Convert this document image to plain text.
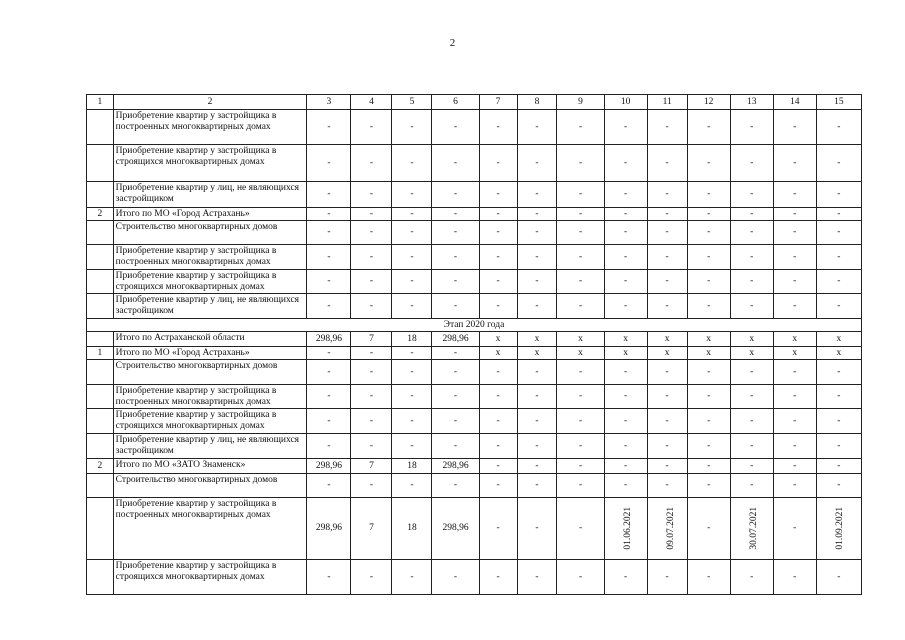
2
1	2	3	4	5	6	7	8	9	10	11	12	13	14	15
	Приобретение квартир у застройщика в построенных многоквартирных домах	-	-	-	-	-	-	-	-	-	-	-	-	-
	Приобретение квартир у застройщика в строящихся многоквартирных домах	-	-	-	-	-	-	-	-	-	-	-	-	-
	Приобретение квартир у лиц, не являющихся застройщиком	-	-	-	-	-	-	-	-	-	-	-	-	-
2	Итого по МО «Город Астрахань»	-	-	-	-	-	-	-	-	-	-	-	-	-
	Строительство многоквартирных домов	-	-	-	-	-	-	-	-	-	-	-	-	-
	Приобретение квартир у застройщика в построенных многоквартирных домах	-	-	-	-	-	-	-	-	-	-	-	-	-
	Приобретение квартир у застройщика в строящихся многоквартирных домах	-	-	-	-	-	-	-	-	-	-	-	-	-
	Приобретение квартир у лиц, не являющихся застройщиком	-	-	-	-	-	-	-	-	-	-	-	-	-
Этап 2020 года														
	Итого по Астраханской области	298,96	7	18	298,96	x	x	x	x	x	x	x	x	x
1	Итого по МО «Город Астрахань»	-	-	-	-	x	x	x	x	x	x	x	x	x
	Строительство многоквартирных домов	-	-	-	-	-	-	-	-	-	-	-	-	-
	Приобретение квартир у застройщика в построенных многоквартирных домах	-	-	-	-	-	-	-	-	-	-	-	-	-
	Приобретение квартир у застройщика в строящихся многоквартирных домах	-	-	-	-	-	-	-	-	-	-	-	-	-
	Приобретение квартир у лиц, не являющихся застройщиком	-	-	-	-	-	-	-	-	-	-	-	-	-
2	Итого по МО «ЗАТО Знаменск»	298,96	7	18	298,96	-	-	-	-	-	-	-	-	-
	Строительство многоквартирных домов	-	-	-	-	-	-	-	-	-	-	-	-	-
	Приобретение квартир у застройщика в построенных многоквартирных домах	298,96	7	18	298,96	-	-	-	01.06.2021	09.07.2021	-	30.07.2021	-	01.09.2021
	Приобретение квартир у застройщика в строящихся многоквартирных домах	-	-	-	-	-	-	-	-	-	-	-	-	-
